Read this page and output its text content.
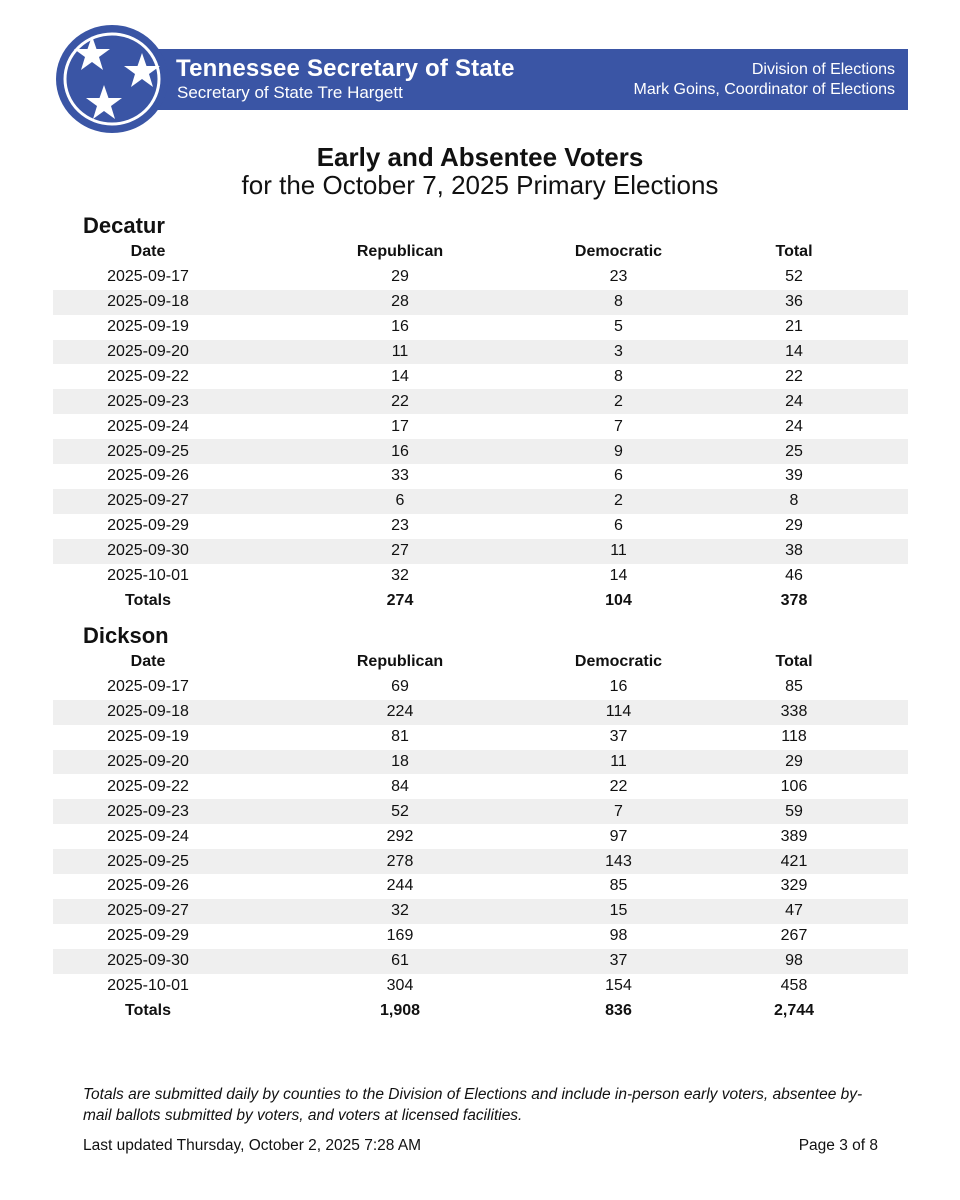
Tennessee Secretary of State
Secretary of State Tre Hargett
Division of Elections
Mark Goins, Coordinator of Elections
Early and Absentee Voters
for the October 7, 2025 Primary Elections
Decatur
Date	Republican	Democratic	Total
2025-09-17	29	23	52
2025-09-18	28	8	36
2025-09-19	16	5	21
2025-09-20	11	3	14
2025-09-22	14	8	22
2025-09-23	22	2	24
2025-09-24	17	7	24
2025-09-25	16	9	25
2025-09-26	33	6	39
2025-09-27	6	2	8
2025-09-29	23	6	29
2025-09-30	27	11	38
2025-10-01	32	14	46
Totals	274	104	378
Dickson
Date	Republican	Democratic	Total
2025-09-17	69	16	85
2025-09-18	224	114	338
2025-09-19	81	37	118
2025-09-20	18	11	29
2025-09-22	84	22	106
2025-09-23	52	7	59
2025-09-24	292	97	389
2025-09-25	278	143	421
2025-09-26	244	85	329
2025-09-27	32	15	47
2025-09-29	169	98	267
2025-09-30	61	37	98
2025-10-01	304	154	458
Totals	1,908	836	2,744
Totals are submitted daily by counties to the Division of Elections and include in-person early voters, absentee by-mail ballots submitted by voters, and voters at licensed facilities.
Last updated Thursday, October 2, 2025 7:28 AM	Page 3 of 8
